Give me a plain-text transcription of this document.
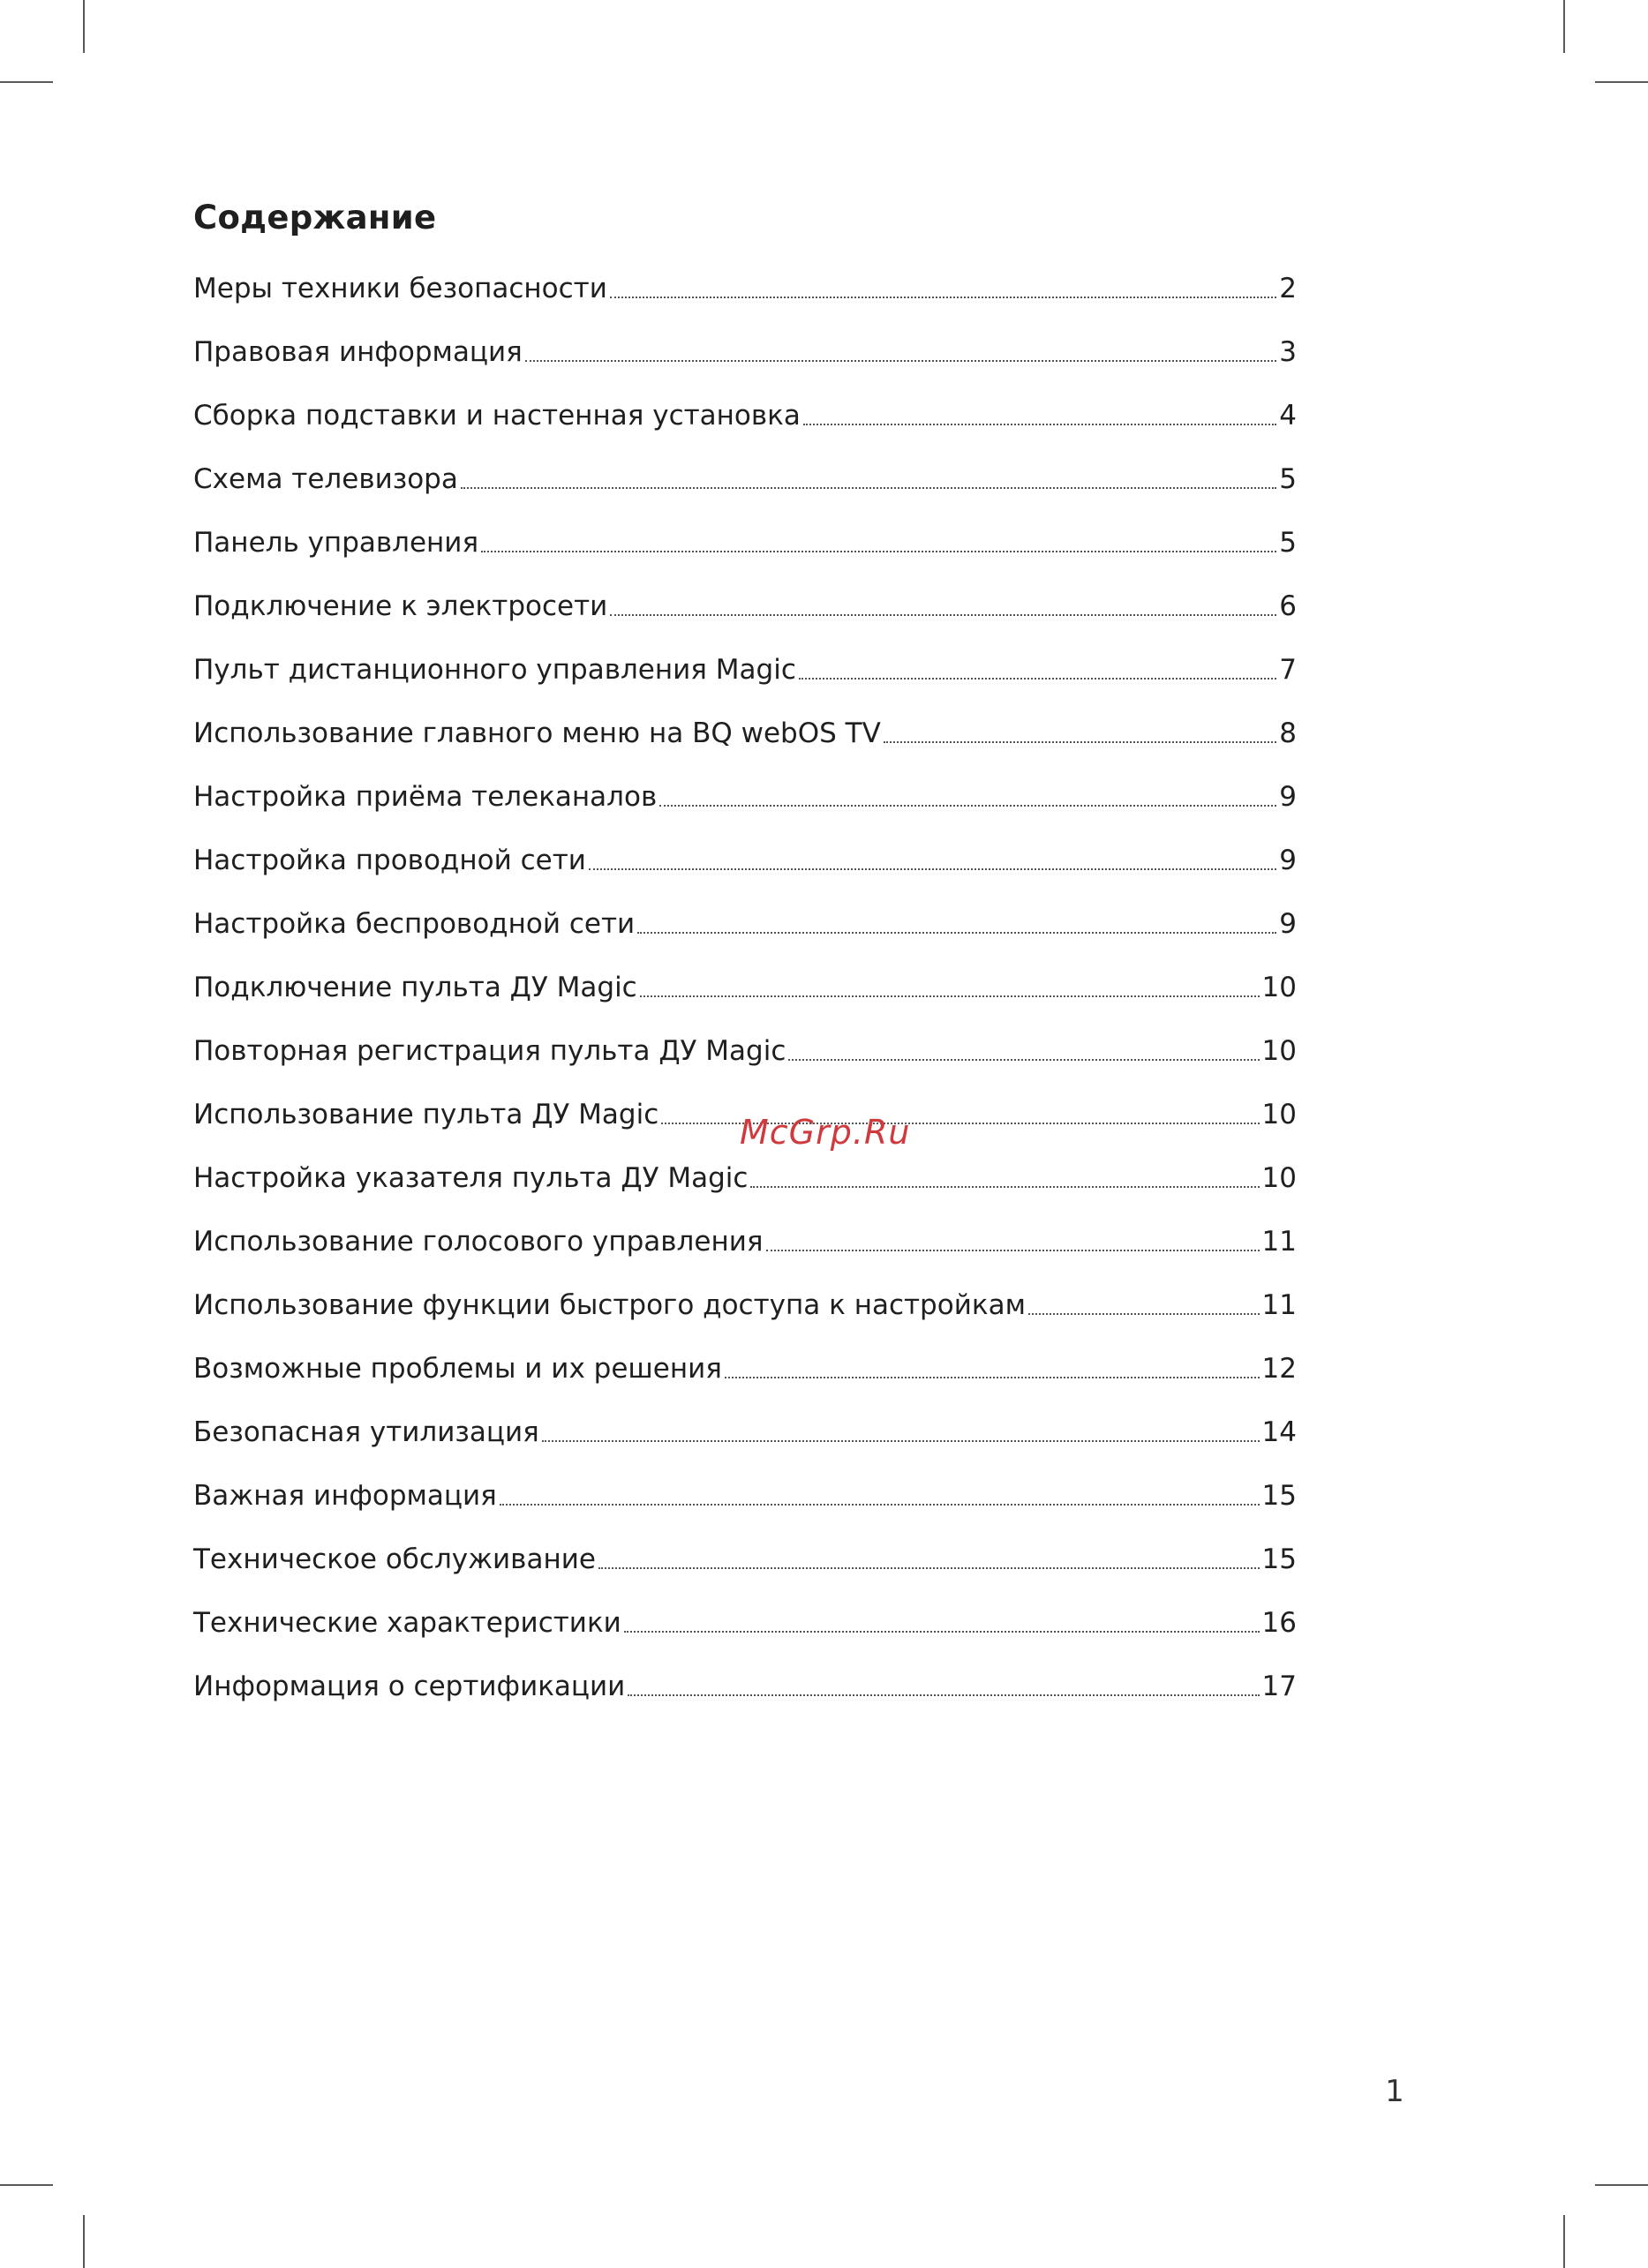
Содержание
Меры техники безопасности	2
Правовая информация	3
Сборка подставки и настенная установка	4
Схема телевизора	5
Панель управления	5
Подключение к электросети	6
Пульт дистанционного управления Magic	7
Использование главного меню на BQ webOS TV	8
Настройка приёма телеканалов	9
Настройка проводной сети	9
Настройка беспроводной сети	9
Подключение пульта ДУ Magic	10
Повторная регистрация пульта ДУ Magic	10
Использование пульта ДУ Magic	10
Настройка указателя пульта ДУ Magic	10
Использование голосового управления	11
Использование функции быстрого доступа к настройкам	11
Возможные проблемы и их решения	12
Безопасная утилизация	14
Важная информация	15
Техническое обслуживание	15
Технические характеристики	16
Информация о сертификации	17
McGrp.Ru
1
